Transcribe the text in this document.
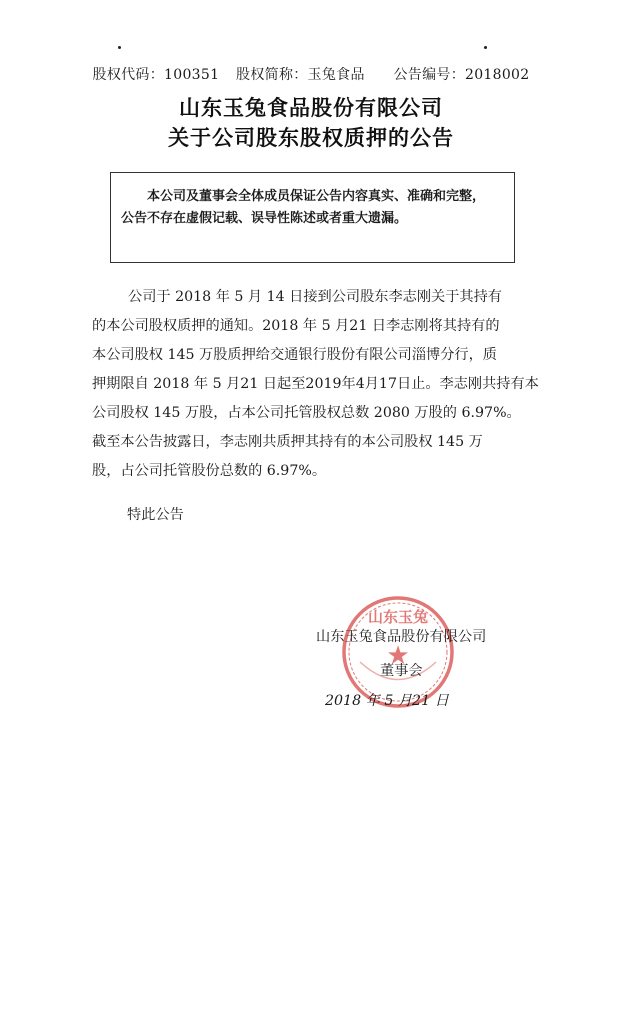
股权代码：100351 股权简称：玉兔食品 公告编号：2018002
山东玉兔食品股份有限公司
关于公司股东股权质押的公告

本公司及董事会全体成员保证公告内容真实、准确和完整，

公告不存在虚假记载、误导性陈述或者重大遗漏。

公司于 2018 年 5 月 14 日接到公司股东李志刚关于其持有

的本公司股权质押的通知。2018 年 5 月21 日李志刚将其持有的

本公司股权 145 万股质押给交通银行股份有限公司淄博分行，质

押期限自 2018 年 5 月21 日起至2019年4月17日止。李志刚共持有本

公司股权 145 万股，占本公司托管股权总数 2080 万股的 6.97%。

截至本公告披露日，李志刚共质押其持有的本公司股权 145 万

股，占公司托管股份总数的 6.97%。

特此公告
山东玉兔
★
山东玉兔食品股份有限公司
董事会
2018 年 5 月21 日
